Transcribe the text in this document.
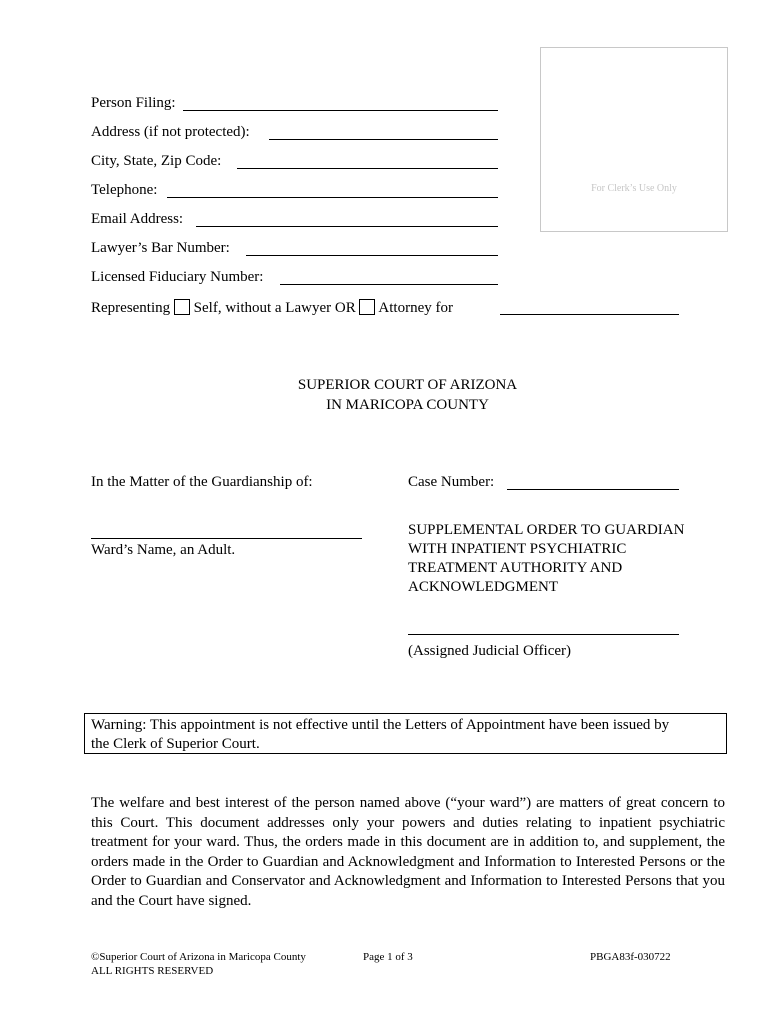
For Clerk’s Use Only
Person Filing:
Address (if not protected):
City, State, Zip Code:
Telephone:
Email Address:
Lawyer’s Bar Number:
Licensed Fiduciary Number:
Representing Self, without a Lawyer OR Attorney for
SUPERIOR COURT OF ARIZONA
IN MARICOPA COUNTY
In the Matter of the Guardianship of:	Case Number:
Ward’s Name, an Adult.
SUPPLEMENTAL ORDER TO GUARDIAN
WITH INPATIENT PSYCHIATRIC
TREATMENT AUTHORITY AND
ACKNOWLEDGMENT
(Assigned Judicial Officer)
Warning: This appointment is not effective until the Letters of Appointment have been issued by
the Clerk of Superior Court.
The welfare and best interest of the person named above (“your ward”) are matters of great concern to this Court. This document addresses only your powers and duties relating to inpatient psychiatric treatment for your ward. Thus, the orders made in this document are in addition to, and supplement, the orders made in the Order to Guardian and Acknowledgment and Information to Interested Persons or the Order to Guardian and Conservator and Acknowledgment and Information to Interested Persons that you and the Court have signed.
©Superior Court of Arizona in Maricopa County
ALL RIGHTS RESERVED
Page 1 of 3	PBGA83f-030722
